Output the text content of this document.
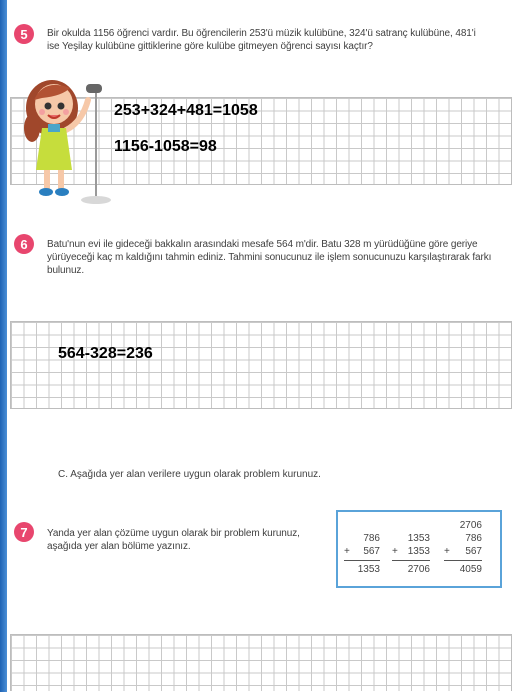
5 Bir okulda 1156 öğrenci vardır. Bu öğrencilerin 253'ü müzik kulübüne, 324'ü satranç kulübüne, 481'i
ise Yeşilay kulübüne gittiklerine göre kulübe gitmeyen öğrenci sayısı kaçtır?
253+324+481=1058
1156-1058=98
6 Batu'nun evi ile gideceği bakkalın arasındaki mesafe 564 m'dir. Batu 328 m yürüdüğüne göre geriye
yürüyeceği kaç m kaldığını tahmin ediniz. Tahmini sonucunuz ile işlem sonucunuzu karşılaştırarak farkı
bulunuz.
564-328=236
C. Aşağıda yer alan verilere uygun olarak problem kurunuz.
7 Yanda yer alan çözüme uygun olarak bir problem kurunuz,
aşağıda yer alan bölüme yazınız.
786
+ 567
1353
1353
+ 1353
2706
2706
786
+ 567
4059
